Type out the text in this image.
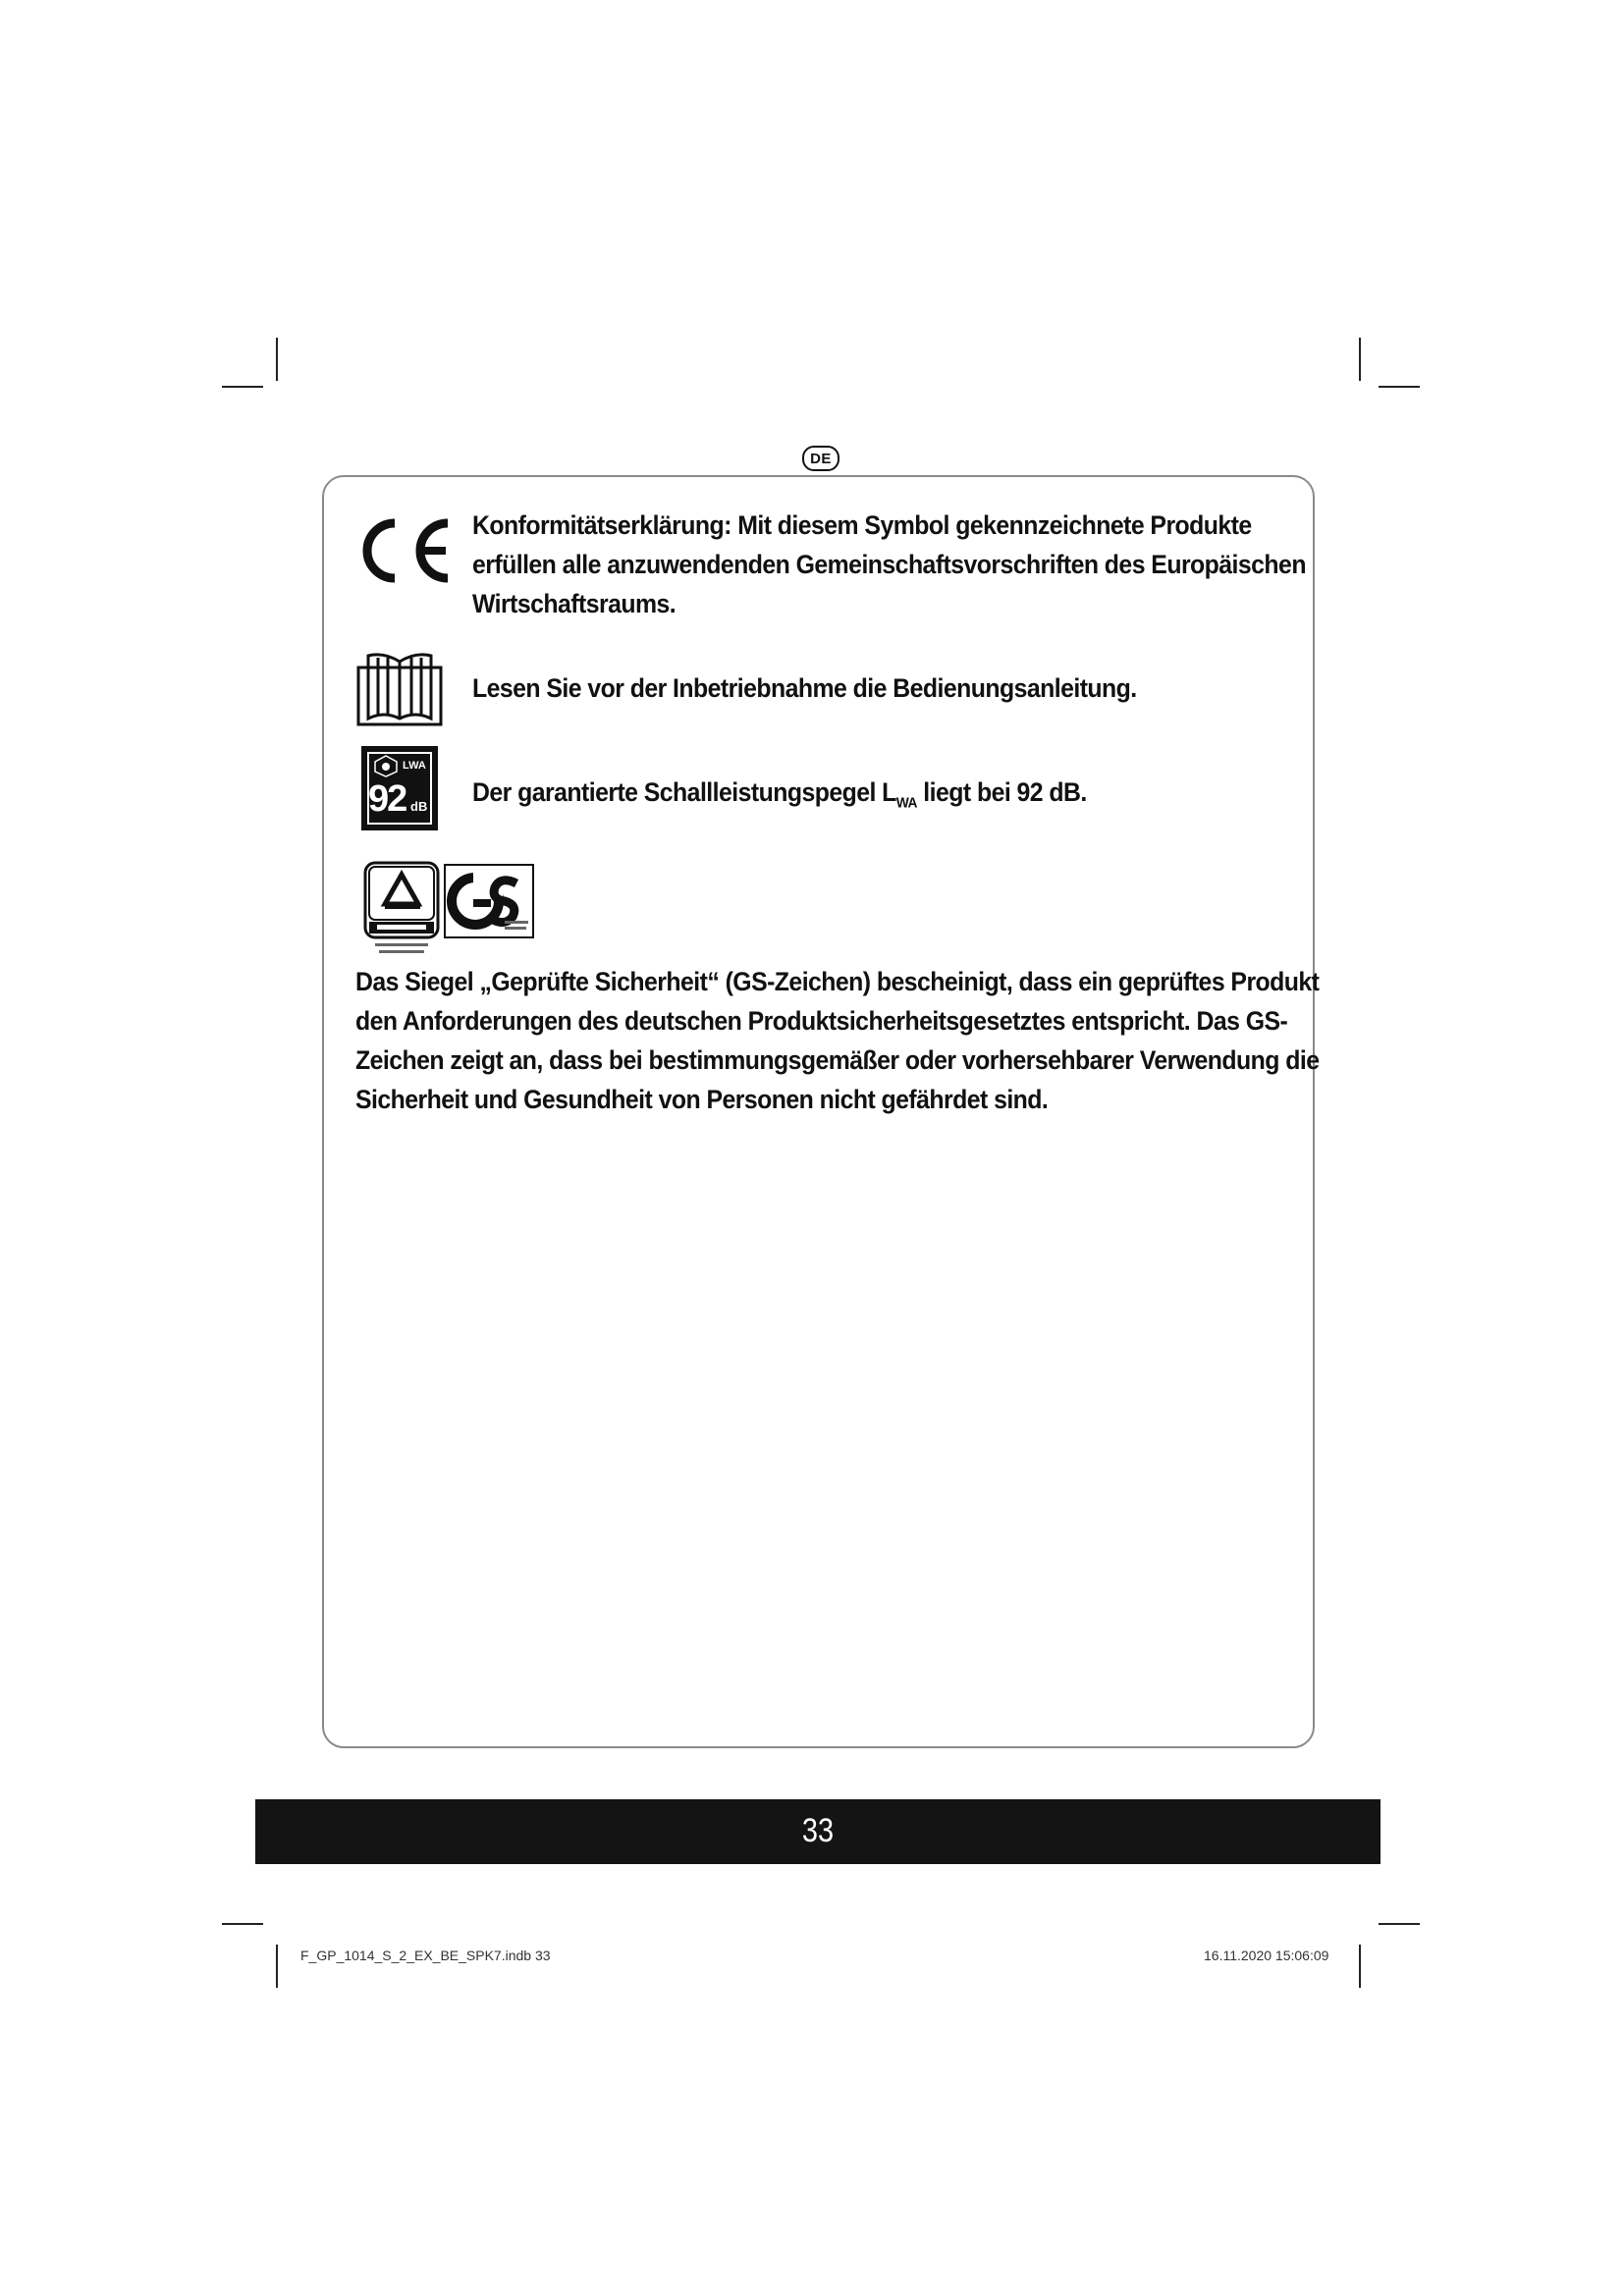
DE
Konformitätserklärung: Mit diesem Symbol gekennzeichnete Produkte
erfüllen alle anzuwendenden Gemeinschaftsvorschriften des Europäischen
Wirtschaftsraums.
Lesen Sie vor der Inbetriebnahme die Bedienungsanleitung.
LWA
92 dB Der garantierte Schallleistungspegel $L_{WA}$ liegt bei 92 dB.
Das Siegel „Geprüfte Sicherheit“ (GS-Zeichen) bescheinigt, dass ein geprüftes Produkt
den Anforderungen des deutschen Produktsicherheitsgesetztes entspricht. Das GS-
Zeichen zeigt an, dass bei bestimmungsgemäßer oder vorhersehbarer Verwendung die
Sicherheit und Gesundheit von Personen nicht gefährdet sind.
33
F_GP_1014_S_2_EX_BE_SPK7.indb 33	16.11.2020 15:06:09
